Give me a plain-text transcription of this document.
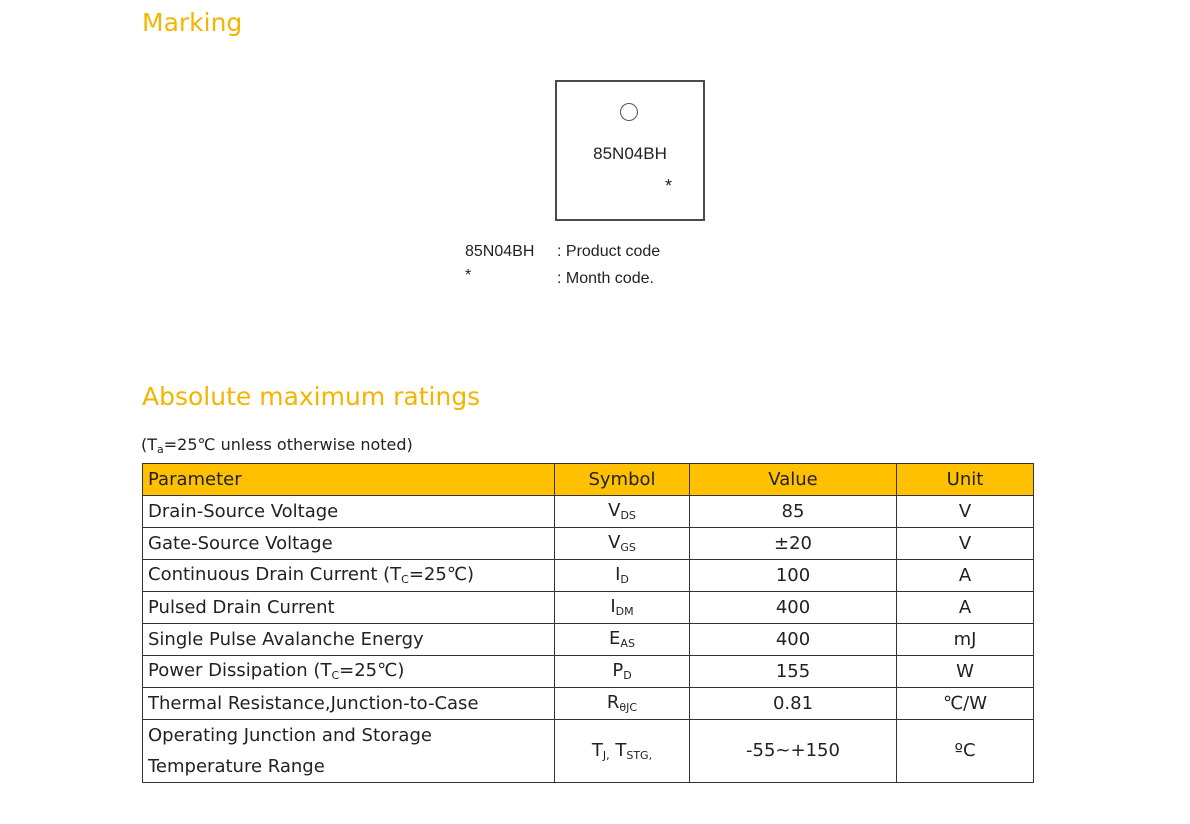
Marking
85N04BH
*
85N04BH : Product code
*	: Month code.
Absolute maximum ratings
($T_a=25℃$ unless otherwise noted)
Parameter	Symbol	Value	Unit
Drain-Source Voltage	$V_{DS}$	85	V
Gate-Source Voltage	$V_{GS}$	±20	V
Continuous Drain Current $(T_C=25℃)$	$I_D$	100	A
Pulsed Drain Current	$I_{DM}$	400	A
Single Pulse Avalanche Energy	$E_{AS}$	400	mJ
Power Dissipation $(T_C=25℃)$	$P_D$	155	W
Thermal Resistance,Junction-to-Case	$R_{\theta JC}$	0.81	℃/W
Operating Junction and Storage
Temperature Range	$T_{J,}$ $T_{STG,}$	-55~+150	ºC
